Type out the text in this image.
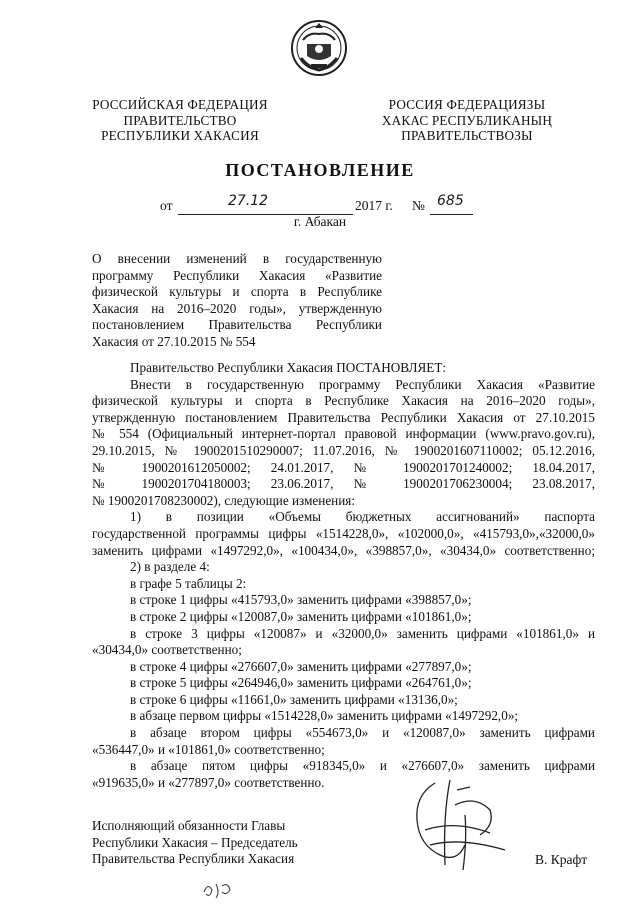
РОССИЙСКАЯ ФЕДЕРАЦИЯ
ПРАВИТЕЛЬСТВО
РЕСПУБЛИКИ ХАКАСИЯ
РОССИЯ ФЕДЕРАЦИЯЗЫ
ХАКАС РЕСПУБЛИКАНЫҢ
ПРАВИТЕЛЬСТВОЗЫ
ПОСТАНОВЛЕНИЕ
от	27.12	2017 г. № 685
г. Абакан
О внесении изменений в государственную программу Республики Хакасия «Развитие физической культуры и спорта в Республике Хакасия на 2016–2020 годы», утвержденную постановлением Правительства Республики Хакасия от 27.10.2015 № 554
Правительство Республики Хакасия ПОСТАНОВЛЯЕТ:
Внести в государственную программу Республики Хакасия «Развитие
физической культуры и спорта в Республике Хакасия на 2016–2020 годы»,
утвержденную постановлением Правительства Республики Хакасия от 27.10.2015
№ 554 (Официальный интернет-портал правовой информации (www.pravo.gov.ru),
29.10.2015, № 1900201510290007; 11.07.2016, № 1900201607110002; 05.12.2016,
№ 1900201612050002; 24.01.2017, № 1900201701240002; 18.04.2017,
№ 1900201704180003; 23.06.2017, № 1900201706230004; 23.08.2017,
№ 1900201708230002), следующие изменения:
1) в позиции «Объемы бюджетных ассигнований» паспорта
государственной программы цифры «1514228,0», «102000,0», «415793,0»,«32000,0»
заменить цифрами «1497292,0», «100434,0», «398857,0», «30434,0» соответственно;
2) в разделе 4:
в графе 5 таблицы 2:
в строке 1 цифры «415793,0» заменить цифрами «398857,0»;
в строке 2 цифры «120087,0» заменить цифрами «101861,0»;
в строке 3 цифры «120087» и «32000,0» заменить цифрами «101861,0» и
«30434,0» соответственно;
в строке 4 цифры «276607,0» заменить цифрами «277897,0»;
в строке 5 цифры «264946,0» заменить цифрами «264761,0»;
в строке 6 цифры «11661,0» заменить цифрами «13136,0»;
в абзаце первом цифры «1514228,0» заменить цифрами «1497292,0»;
в абзаце втором цифры «554673,0» и «120087,0» заменить цифрами
«536447,0» и «101861,0» соответственно;
в абзаце пятом цифры «918345,0» и «276607,0» заменить цифрами
«919635,0» и «277897,0» соответственно.
Исполняющий обязанности Главы
Республики Хакасия – Председатель
Правительства Республики Хакасия	В. Крафт
